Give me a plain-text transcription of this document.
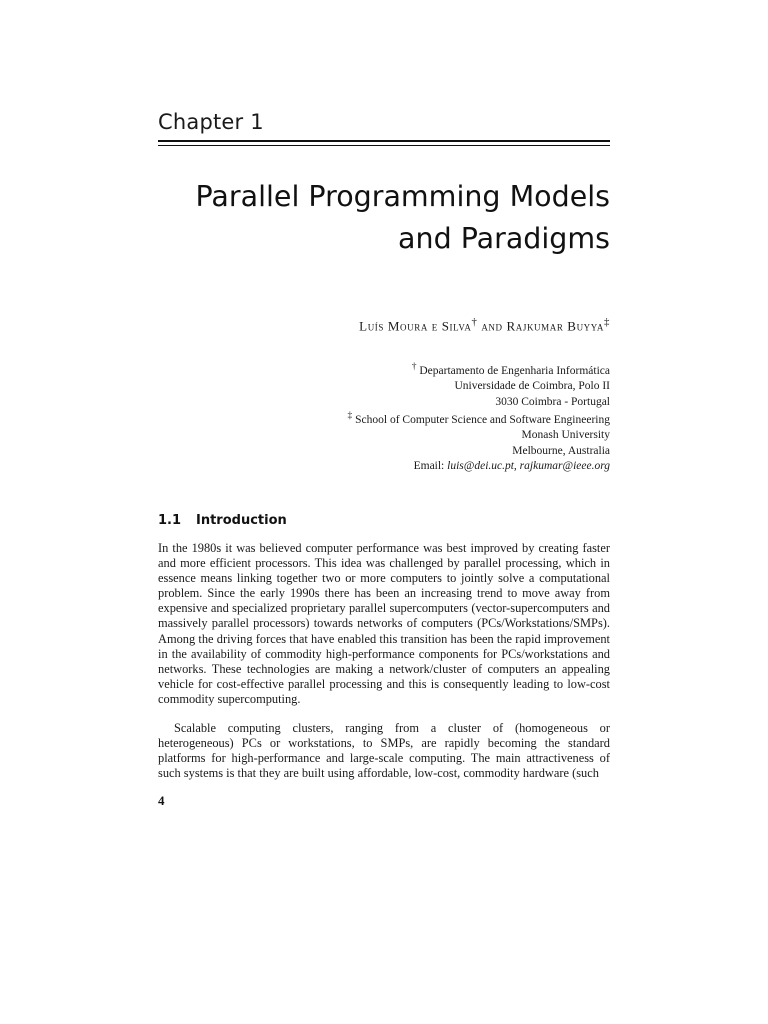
Chapter 1
Parallel Programming Models
and Paradigms
Luís Moura e Silva† and Rajkumar Buyya‡
† Departamento de Engenharia Informática
Universidade de Coimbra, Polo II
3030 Coimbra - Portugal
‡ School of Computer Science and Software Engineering
Monash University
Melbourne, Australia
Email: luis@dei.uc.pt, rajkumar@ieee.org
1.1 Introduction

In the 1980s it was believed computer performance was best improved by creating faster and more efficient processors. This idea was challenged by parallel processing, which in essence means linking together two or more computers to jointly solve a computational problem. Since the early 1990s there has been an increasing trend to move away from expensive and specialized proprietary parallel supercomputers (vector-supercomputers and massively parallel processors) towards networks of computers (PCs/Workstations/SMPs). Among the driving forces that have enabled this transition has been the rapid improvement in the availability of commodity high-performance components for PCs/workstations and networks. These technologies are making a network/cluster of computers an appealing vehicle for cost-effective parallel processing and this is consequently leading to low-cost commodity supercomputing.

Scalable computing clusters, ranging from a cluster of (homogeneous or heterogeneous) PCs or workstations, to SMPs, are rapidly becoming the standard platforms for high-performance and large-scale computing. The main attractiveness of such systems is that they are built using affordable, low-cost, commodity hardware (such

4
